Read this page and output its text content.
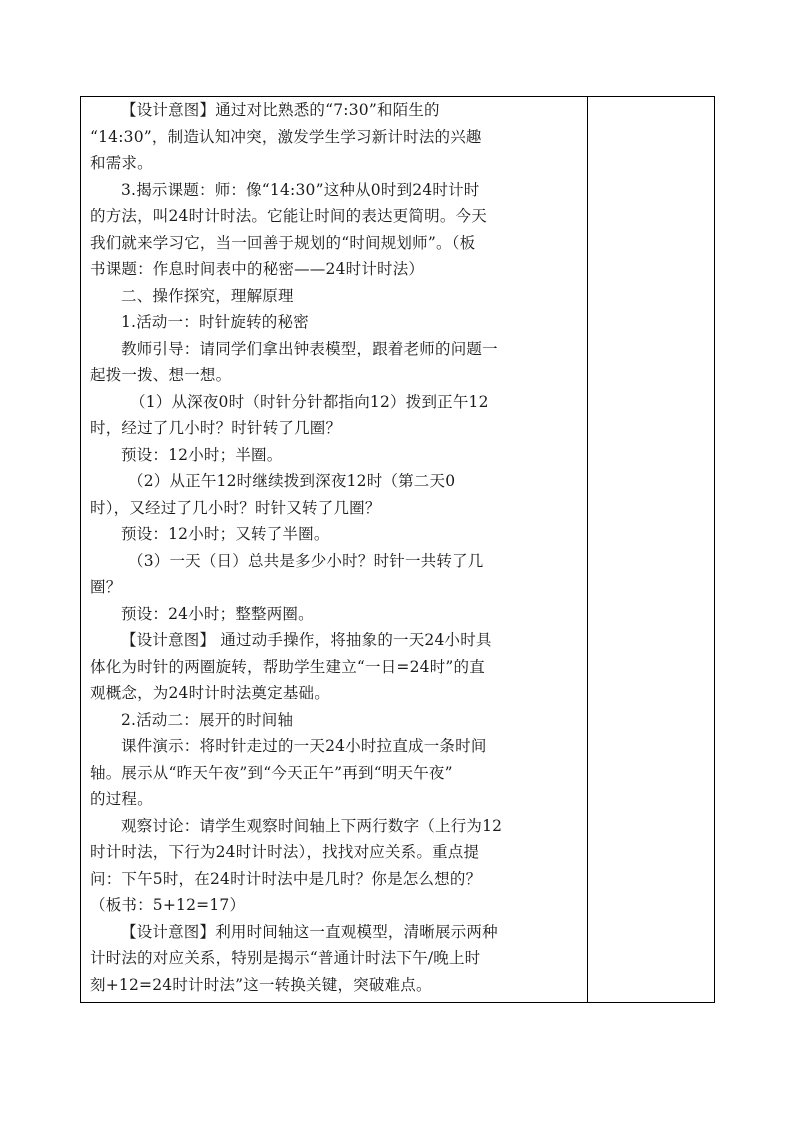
【设计意图】通过对比熟悉的“7:30”和陌生的
“14:30”，制造认知冲突，激发学生学习新计时法的兴趣
和需求。
3.揭示课题：师：像“14:30”这种从0时到24时计时
的方法，叫24时计时法。它能让时间的表达更简明。今天
我们就来学习它，当一回善于规划的“时间规划师”。（板
书课题：作息时间表中的秘密——24时计时法）
二、操作探究，理解原理
1.活动一：时针旋转的秘密
教师引导：请同学们拿出钟表模型，跟着老师的问题一
起拨一拨、想一想。
（1）从深夜0时（时针分针都指向12）拨到正午12
时，经过了几小时？时针转了几圈？
预设：12小时；半圈。
（2）从正午12时继续拨到深夜12时（第二天0
时），又经过了几小时？时针又转了几圈？
预设：12小时；又转了半圈。
（3）一天（日）总共是多少小时？时针一共转了几
圈？
预设：24小时；整整两圈。
【设计意图】 通过动手操作，将抽象的一天24小时具
体化为时针的两圈旋转，帮助学生建立“一日=24时”的直
观概念，为24时计时法奠定基础。
2.活动二：展开的时间轴
课件演示：将时针走过的一天24小时拉直成一条时间
轴。展示从“昨天午夜”到“今天正午”再到“明天午夜”
的过程。
观察讨论：请学生观察时间轴上下两行数字（上行为12
时计时法，下行为24时计时法），找找对应关系。重点提
问：下午5时，在24时计时法中是几时？你是怎么想的？
（板书：5+12=17）
【设计意图】利用时间轴这一直观模型，清晰展示两种
计时法的对应关系，特别是揭示“普通计时法下午/晚上时
刻+12=24时计时法”这一转换关键，突破难点。
